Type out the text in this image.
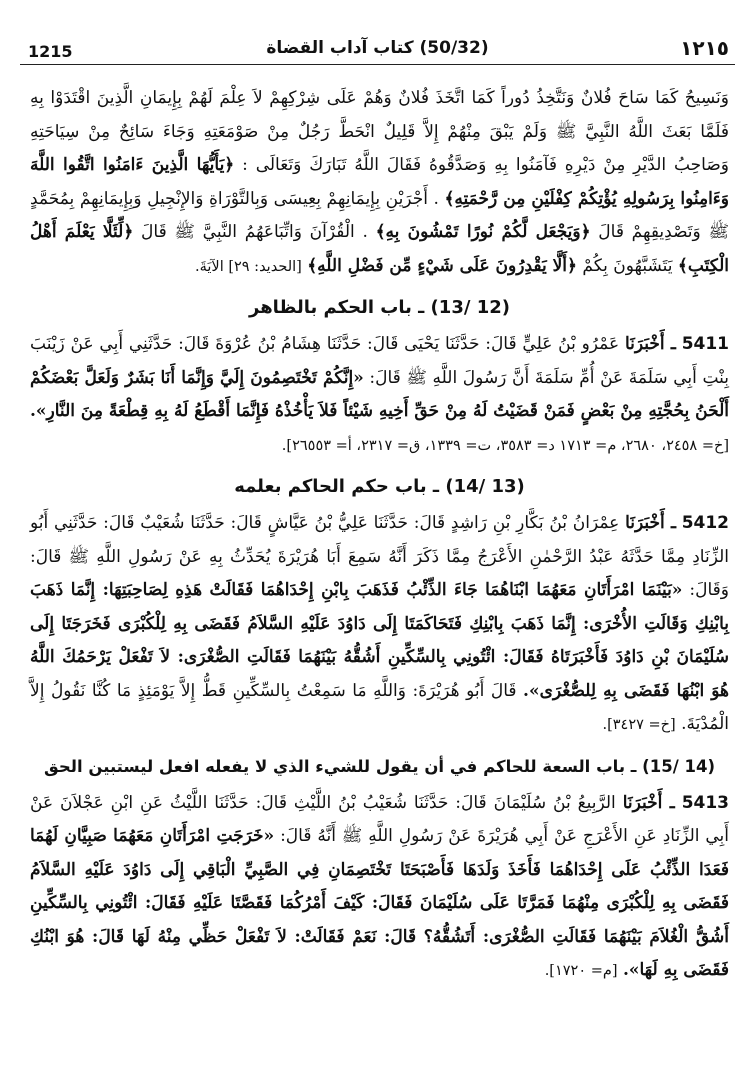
1215	(50/32) كتاب آداب القضاة	١٢١٥

وَنَسِيحُ كَمَا سَاحَ فُلانٌ وَنَتَّخِذُ دُوراً كَمَا اتَّخَذَ فُلانٌ وَهُمْ عَلَى شِرْكِهِمْ لاَ عِلْمَ لَهُمْ بِإِيمَانِ الَّذِينَ اقْتَدَوْا بِهِ فَلَمَّا بَعَثَ اللَّهُ النَّبِيَّ ﷺ وَلَمْ يَبْقَ مِنْهُمْ إِلاَّ قَلِيلٌ انْحَطَّ رَجُلٌ مِنْ صَوْمَعَتِهِ وَجَاءَ سَائِحٌ مِنْ سِيَاحَتِهِ وَصَاحِبُ الدَّيْرِ مِنْ دَيْرِهِ فَآمَنُوا بِهِ وَصَدَّقُوهُ فَقَالَ اللَّهُ تَبَارَكَ وَتَعَالَى : ﴿يَأَيُّهَا الَّذِينَ ءَامَنُوا اتَّقُوا اللَّهَ وَءَامِنُوا بِرَسُولِهِ يُؤْتِكُمْ كِفْلَيْنِ مِن رَّحْمَتِهِ﴾ . أَجْرَيْنِ بِإِيمَانِهِمْ بِعِيسَى وَبِالتَّوْرَاةِ وَالإِنْجِيلِ وَبِإِيمَانِهِمْ بِمُحَمَّدٍ ﷺ وَتَصْدِيقِهِمْ قَالَ ﴿وَيَجْعَل لَّكُمْ نُورًا تَمْشُونَ بِهِ﴾ . الْقُرْآنَ وَاتِّبَاعَهُمُ النَّبِيَّ ﷺ قَالَ ﴿لِّئَلَّا يَعْلَمَ أَهْلُ الْكِتَبِ﴾ يَتَشَبَّهُونَ بِكُمْ ﴿أَلَّا يَقْدِرُونَ عَلَى شَيْءٍ مِّن فَضْلِ اللَّهِ﴾ [الحديد: ٢٩] الآيَةَ.

(12 /13) ـ باب الحكم بالظاهر

5411 ـ أَخْبَرَنَا عَمْرُو بْنُ عَلِيٍّ قَالَ: حَدَّثَنَا يَحْيَى قَالَ: حَدَّثَنَا هِشَامُ بْنُ عُرْوَةَ قَالَ: حَدَّثَنِي أَبِي عَنْ زَيْنَبَ بِنْتِ أَبِي سَلَمَةَ عَنْ أُمِّ سَلَمَةَ أَنَّ رَسُولَ اللَّهِ ﷺ قَالَ: «إِنَّكُمْ تَخْتَصِمُونَ إِلَيَّ وَإِنَّمَا أَنَا بَشَرٌ وَلَعَلَّ بَعْضَكُمْ أَلْحَنُ بِحُجَّتِهِ مِنْ بَعْضٍ فَمَنْ قَضَيْتُ لَهُ مِنْ حَقِّ أَخِيهِ شَيْئاً فَلاَ يَأْخُذْهُ فَإِنَّمَا أَقْطَعُ لَهُ بِهِ قِطْعَةً مِنَ النَّارِ». [خ= ٢٤٥٨، ٢٦٨٠، م= ١٧١٣ د= ٣٥٨٣، ت= ١٣٣٩، ق= ٢٣١٧، أ= ٢٦٥٥٣].

(13 /14) ـ باب حكم الحاكم بعلمه

5412 ـ أَخْبَرَنَا عِمْرَانُ بْنُ بَكَّارِ بْنِ رَاشِدٍ قَالَ: حَدَّثَنَا عَلِيُّ بْنُ عَيَّاشٍ قَالَ: حَدَّثَنَا شُعَيْبٌ قَالَ: حَدَّثَنِي أَبُو الزِّنَادِ مِمَّا حَدَّثَهُ عَبْدُ الرَّحْمٰنِ الأَعْرَجُ مِمَّا ذَكَرَ أَنَّهُ سَمِعَ أَبَا هُرَيْرَةَ يُحَدِّثُ بِهِ عَنْ رَسُولِ اللَّهِ ﷺ قَالَ: وَقَالَ: «بَيْنَمَا امْرَأَتَانِ مَعَهُمَا ابْنَاهُمَا جَاءَ الذِّئْبُ فَذَهَبَ بِابْنِ إِحْدَاهُمَا فَقَالَتْ هَذِهِ لِصَاحِبَتِهَا: إِنَّمَا ذَهَبَ بِابْنِكِ وَقَالَتِ الأُخْرَى: إِنَّمَا ذَهَبَ بِابْنِكِ فَتَحَاكَمَتَا إِلَى دَاوُدَ عَلَيْهِ السَّلاَمُ فَقَضَى بِهِ لِلْكُبْرَى فَخَرَجَتَا إِلَى سُلَيْمَانَ بْنِ دَاوُدَ فَأَخْبَرَتَاهُ فَقَالَ: ائْتُونِي بِالسِّكِّينِ أَشُقُّهُ بَيْنَهُمَا فَقَالَتِ الصُّغْرَى: لاَ تَفْعَلْ يَرْحَمُكَ اللَّهُ هُوَ ابْنُهَا فَقَضَى بِهِ لِلصُّغْرَى». قَالَ أَبُو هُرَيْرَةَ: وَاللَّهِ مَا سَمِعْتُ بِالسِّكِّينِ قَطُّ إِلاَّ يَوْمَئِذٍ مَا كُنَّا نَقُولُ إِلاَّ الْمُدْيَةَ. [خ= ٣٤٢٧].

(14 /15) ـ باب السعة للحاكم في أن يقول للشيء الذي لا يفعله افعل ليستبين الحق

5413 ـ أَخْبَرَنَا الرَّبِيعُ بْنُ سُلَيْمَانَ قَالَ: حَدَّثَنَا شُعَيْبُ بْنُ اللَّيْثِ قَالَ: حَدَّثَنَا اللَّيْثُ عَنِ ابْنِ عَجْلاَنَ عَنْ أَبِي الزِّنَادِ عَنِ الأَعْرَجِ عَنْ أَبِي هُرَيْرَةَ عَنْ رَسُولِ اللَّهِ ﷺ أَنَّهُ قَالَ: «خَرَجَتِ امْرَأَتَانِ مَعَهُمَا صَبِيَّانِ لَهُمَا فَعَدَا الذِّئْبُ عَلَى إِحْدَاهُمَا فَأَخَذَ وَلَدَهَا فَأَصْبَحَتَا تَخْتَصِمَانِ فِي الصَّبِيِّ الْبَاقِي إِلَى دَاوُدَ عَلَيْهِ السَّلاَمُ فَقَضَى بِهِ لِلْكُبْرَى مِنْهُمَا فَمَرَّتَا عَلَى سُلَيْمَانَ فَقَالَ: كَيْفَ أَمْرُكُمَا فَقَصَّتَا عَلَيْهِ فَقَالَ: ائْتُونِي بِالسِّكِّينِ أَشُقُّ الْغُلاَمَ بَيْنَهُمَا فَقَالَتِ الصُّغْرَى: أَتَشُقُّهُ؟ قَالَ: نَعَمْ فَقَالَتْ: لاَ تَفْعَلْ حَظِّي مِنْهُ لَهَا قَالَ: هُوَ ابْنُكِ فَقَضَى بِهِ لَهَا». [م= ١٧٢٠].
